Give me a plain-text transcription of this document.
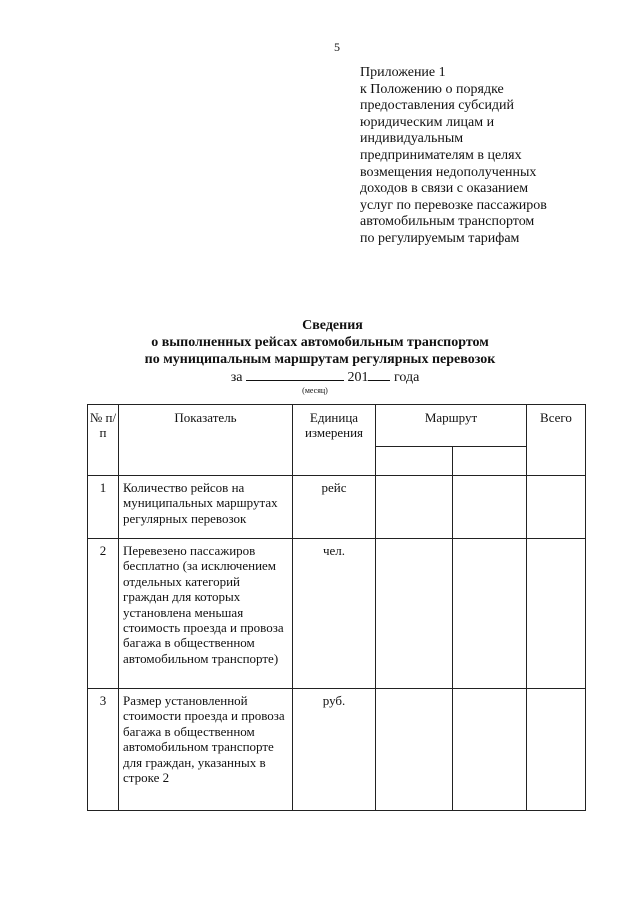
5
Приложение 1
к Положению о порядке
предоставления субсидий
юридическим лицам и
индивидуальным
предпринимателям в целях
возмещения недополученных
доходов в связи с оказанием
услуг по перевозке пассажиров
автомобильным транспортом
по регулируемым тарифам
Сведения
о выполненных рейсах автомобильным транспортом
по муниципальным маршрутам регулярных перевозок
за	201 года
(месяц)
№ п/п	Показатель	Единица измерения	Маршрут		Всего

1	Количество рейсов на муниципальных маршрутах регулярных перевозок	рейс			
2	Перевезено пассажиров бесплатно (за исключением отдельных категорий граждан для которых установлена меньшая стоимость проезда и провоза багажа в общественном автомобильном транспорте)	чел.			
3	Размер установленной стоимости проезда и провоза багажа в общественном автомобильном транспорте для граждан, указанных в строке 2	руб.			
